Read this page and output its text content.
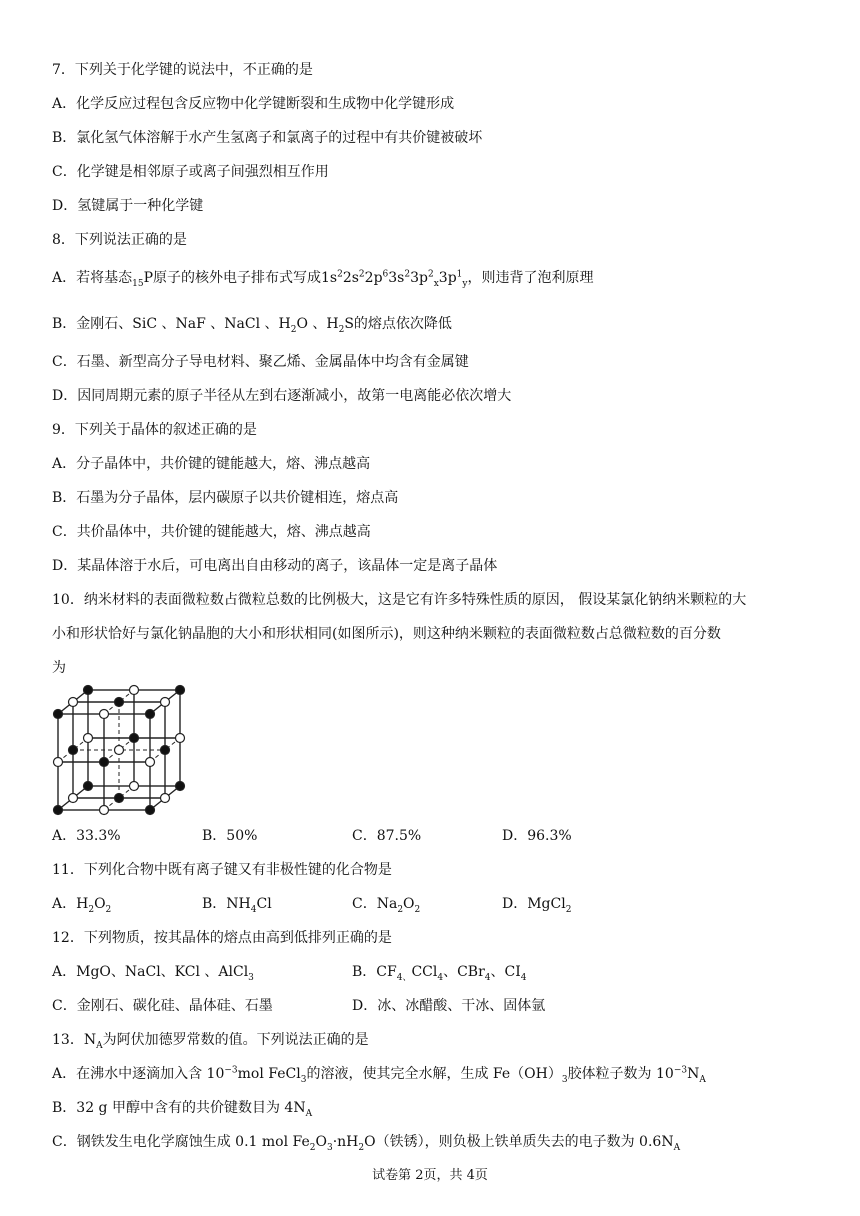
7．下列关于化学键的说法中，不正确的是
A．化学反应过程包含反应物中化学键断裂和生成物中化学键形成
B．氯化氢气体溶解于水产生氢离子和氯离子的过程中有共价键被破坏
C．化学键是相邻原子或离子间强烈相互作用
D．氢键属于一种化学键
8．下列说法正确的是
A．若将基态$_{15}$P原子的核外电子排布式写成$1s^22s^22p^63s^23p^2_x3p^1_y$，则违背了泡利原理
B．金刚石、SiC 、NaF 、NaCl 、$H_2O$ 、$H_2S$的熔点依次降低
C．石墨、新型高分子导电材料、聚乙烯、金属晶体中均含有金属键
D．因同周期元素的原子半径从左到右逐渐减小，故第一电离能必依次增大
9．下列关于晶体的叙述正确的是
A．分子晶体中，共价键的键能越大，熔、沸点越高
B．石墨为分子晶体，层内碳原子以共价键相连，熔点高
C．共价晶体中，共价键的键能越大，熔、沸点越高
D．某晶体溶于水后，可电离出自由移动的离子，该晶体一定是离子晶体
10．纳米材料的表面微粒数占微粒总数的比例极大，这是它有许多特殊性质的原因， 假设某氯化钠纳米颗粒的大
小和形状恰好与氯化钠晶胞的大小和形状相同(如图所示)，则这种纳米颗粒的表面微粒数占总微粒数的百分数
为
A．33.3%	B．50%	C．87.5%	D．96.3%
11．下列化合物中既有离子键又有非极性键的化合物是
A．$H_2O_2$	B．$NH_4Cl$	C．$Na_2O_2$	D．MgCl$_2$
12．下列物质，按其晶体的熔点由高到低排列正确的是
A．MgO、NaCl、KCl 、AlCl$_3$	B．$CF_{4、}CCl_4$、CBr$_4$、$CI_4$
C．金刚石、碳化硅、晶体硅、石墨	D．冰、冰醋酸、干冰、固体氩
13．$N_A$为阿伏加德罗常数的值。下列说法正确的是
A．在沸水中逐滴加入含 $10^{-3}mol$ FeCl$_3$的溶液，使其完全水解，生成 $Fe(OH)_3$胶体粒子数为 $10^{-3}N_A$
B．32 g 甲醇中含有的共价键数目为 $4N_A$
C．钢铁发生电化学腐蚀生成 0.1 mol $Fe_2O_3\cdot nH_2O$（铁锈），则负极上铁单质失去的电子数为 $0.6N_A$
试卷第 2页，共 4页
